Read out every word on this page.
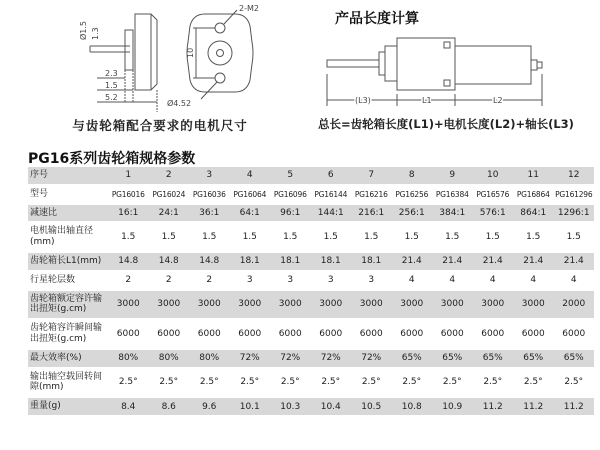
Ø1.5 1.3
2.3
1.5
5.2
2-M2
10
Ø4.52
与齿轮箱配合要求的电机尺寸
产品长度计算
(L3)	L1	L2
总长=齿轮箱长度(L1)+电机长度(L2)+轴长(L3)
PG16系列齿轮箱规格参数
序号	1	2	3	4	5	6	7	8	9	10	11	12
型号	PG16016	PG16024	PG16036	PG16064	PG16096	PG16144	PG16216	PG16256	PG16384	PG16576	PG16864	PG161296
减速比	16:1	24:1	36:1	64:1	96:1	144:1	216:1	256:1	384:1	576:1	864:1	1296:1
电机输出轴直径(mm)	1.5	1.5	1.5	1.5	1.5	1.5	1.5	1.5	1.5	1.5	1.5	1.5
齿轮箱长L1(mm)	14.8	14.8	14.8	18.1	18.1	18.1	18.1	21.4	21.4	21.4	21.4	21.4
行星轮层数	2	2	2	3	3	3	3	4	4	4	4	4
齿轮箱额定容许输出扭矩(g.cm)	3000	3000	3000	3000	3000	3000	3000	3000	3000	3000	3000	2000
齿轮箱容许瞬间输出扭矩(g.cm)	6000	6000	6000	6000	6000	6000	6000	6000	6000	6000	6000	6000
最大效率(%)	80%	80%	80%	72%	72%	72%	72%	65%	65%	65%	65%	65%
输出轴空载回转间隙(mm)	2.5°	2.5°	2.5°	2.5°	2.5°	2.5°	2.5°	2.5°	2.5°	2.5°	2.5°	2.5°
重量(g)	8.4	8.6	9.6	10.1	10.3	10.4	10.5	10.8	10.9	11.2	11.2	11.2
